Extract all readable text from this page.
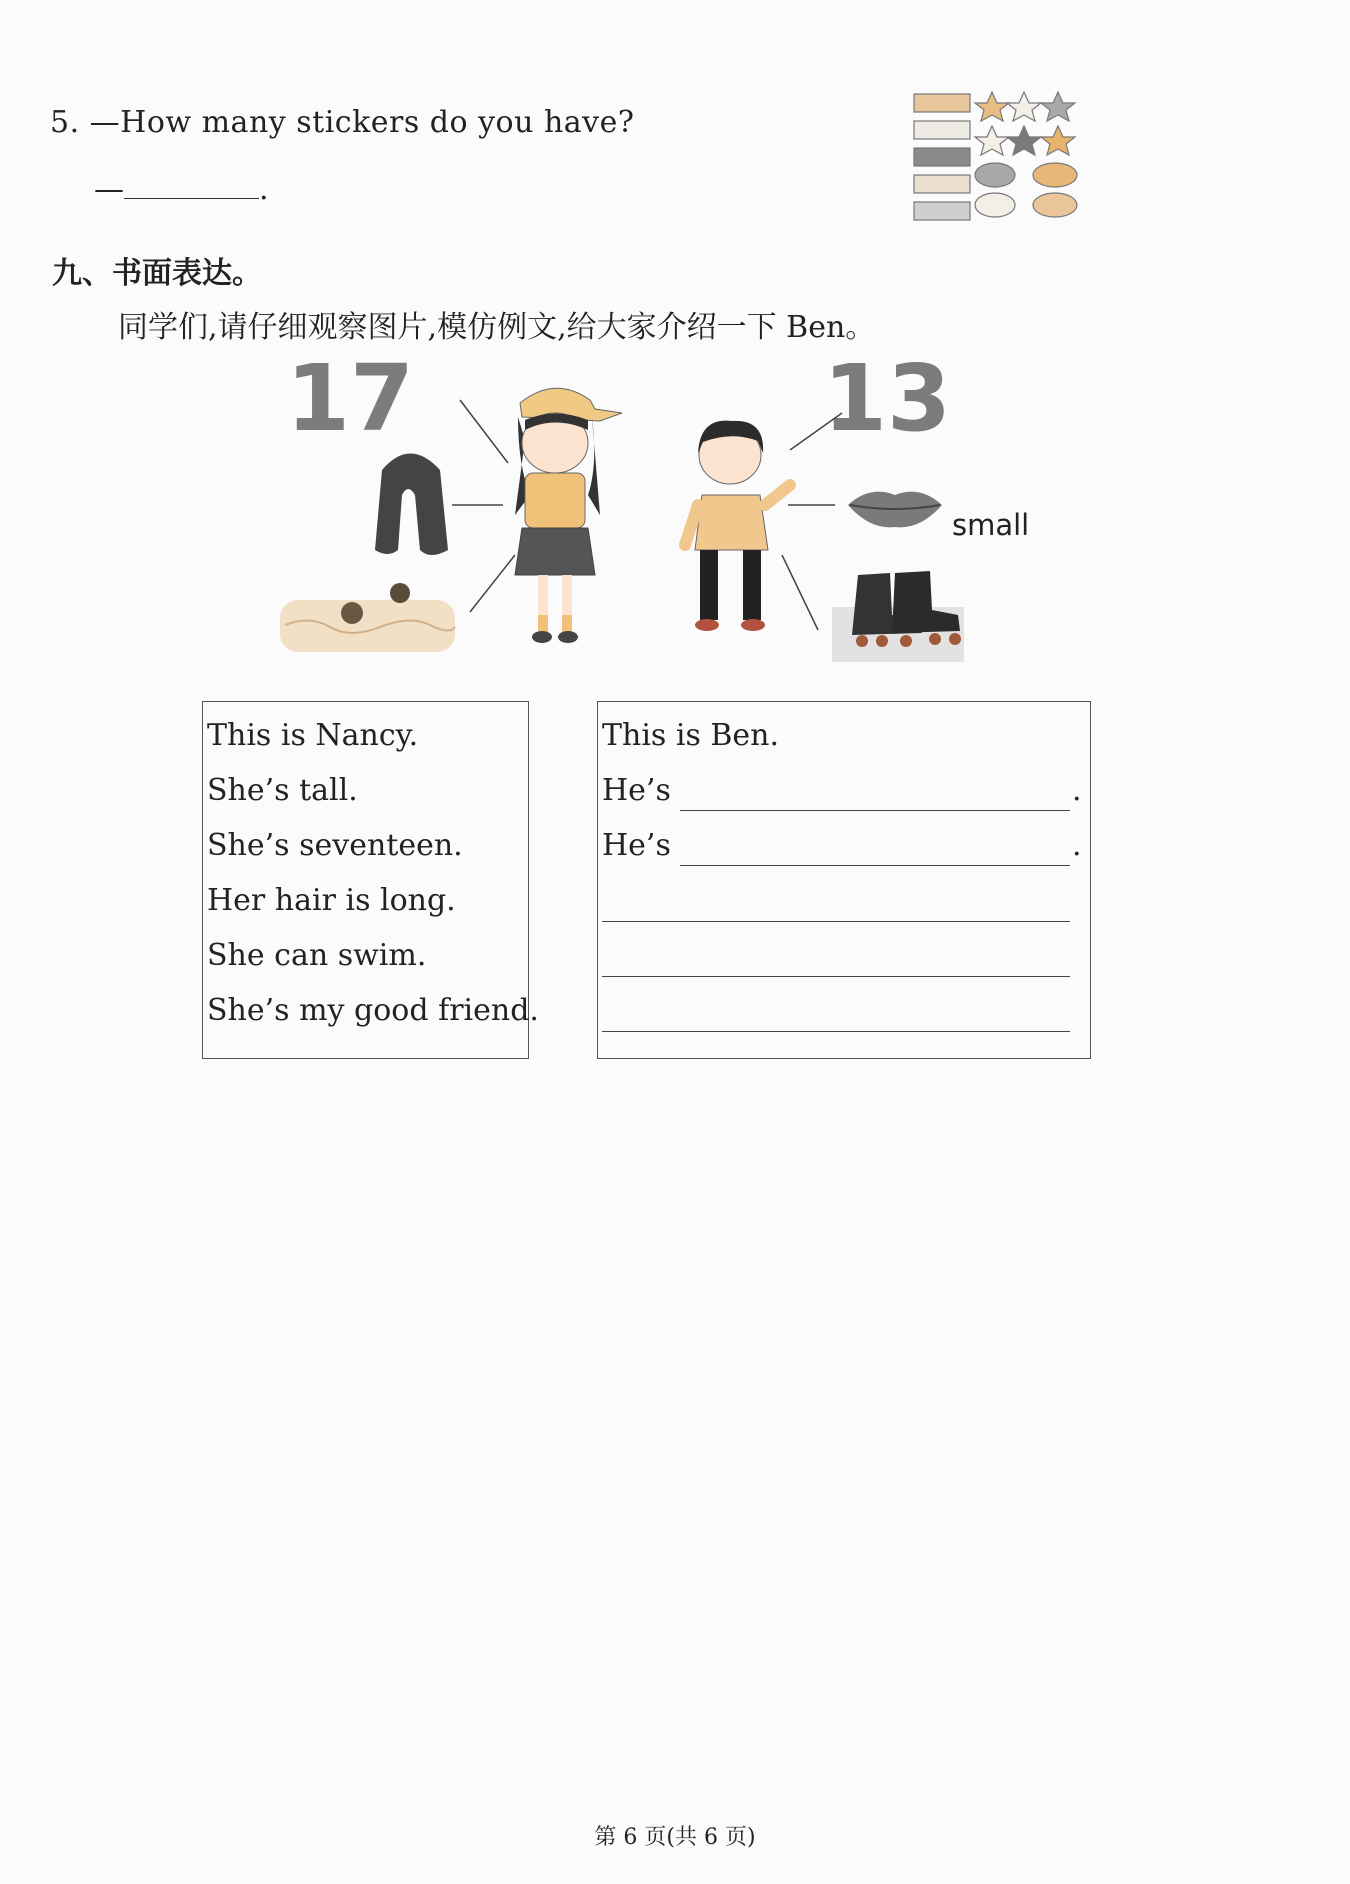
5. —How many stickers do you have?
—	.
九、书面表达。
同学们,请仔细观察图片,模仿例文,给大家介绍一下 Ben。
17	13
small
This is Nancy.
She’s tall.
She’s seventeen.
Her hair is long.
She can swim.
She’s my good friend.
This is Ben.
He’s	.
He’s	.
第 6 页(共 6 页)
